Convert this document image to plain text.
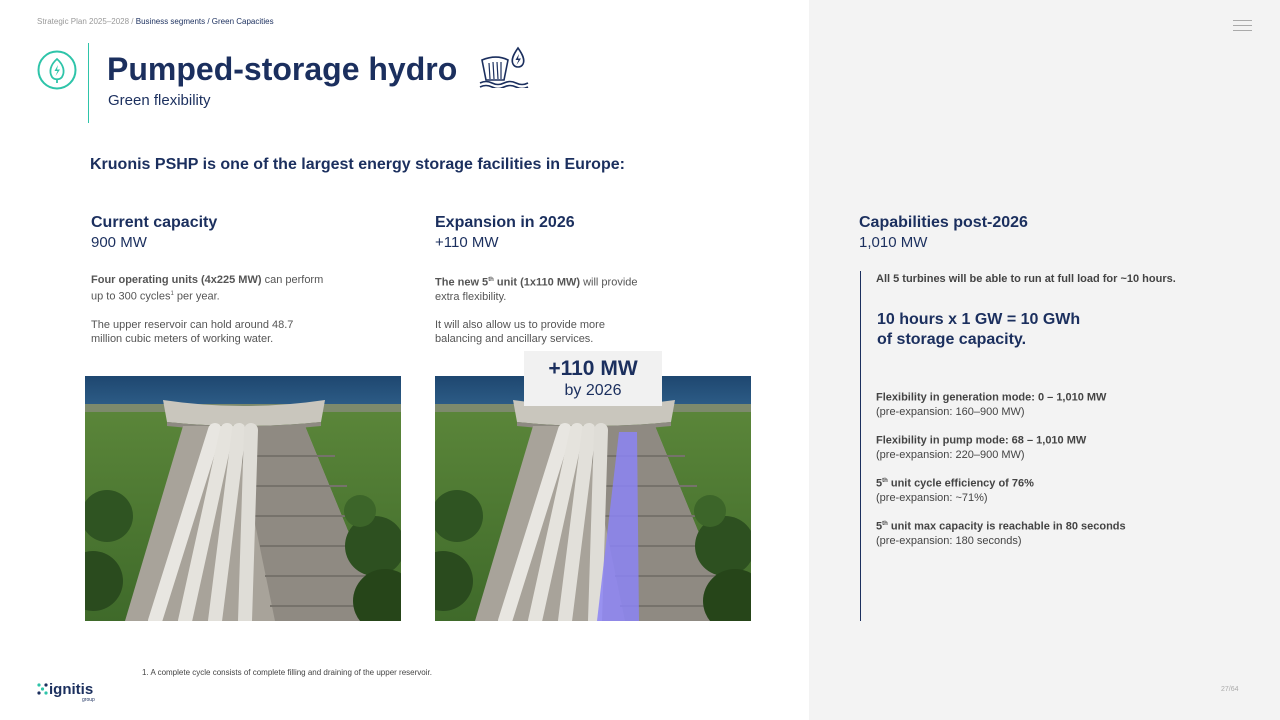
Strategic Plan 2025–2028 / Business segments / Green Capacities
Pumped-storage hydro
Green flexibility
Kruonis PSHP is one of the largest energy storage facilities in Europe:
Current capacity
900 MW

Four operating units (4x225 MW) can perform
up to 300 cycles$^1$ per year.

The upper reservoir can hold around 48.7
million cubic meters of working water.

Expansion in 2026
+110 MW

The new 5th unit (1x110 MW) will provide
extra flexibility.

It will also allow us to provide more
balancing and ancillary services.

+110 MW
by 2026
Capabilities post-2026
1,010 MW
All 5 turbines will be able to run at full load for ~10 hours.
10 hours x 1 GW = 10 GWh
of storage capacity.
Flexibility in generation mode: 0 – 1,010 MW
(pre-expansion: 160–900 MW)
Flexibility in pump mode: 68 – 1,010 MW
(pre-expansion: 220–900 MW)
5th unit cycle efficiency of 76%
(pre-expansion: ~71%)
5th unit max capacity is reachable in 80 seconds
(pre-expansion: 180 seconds)
1. A complete cycle consists of complete filling and draining of the upper reservoir.
ignitis
group
27/64
